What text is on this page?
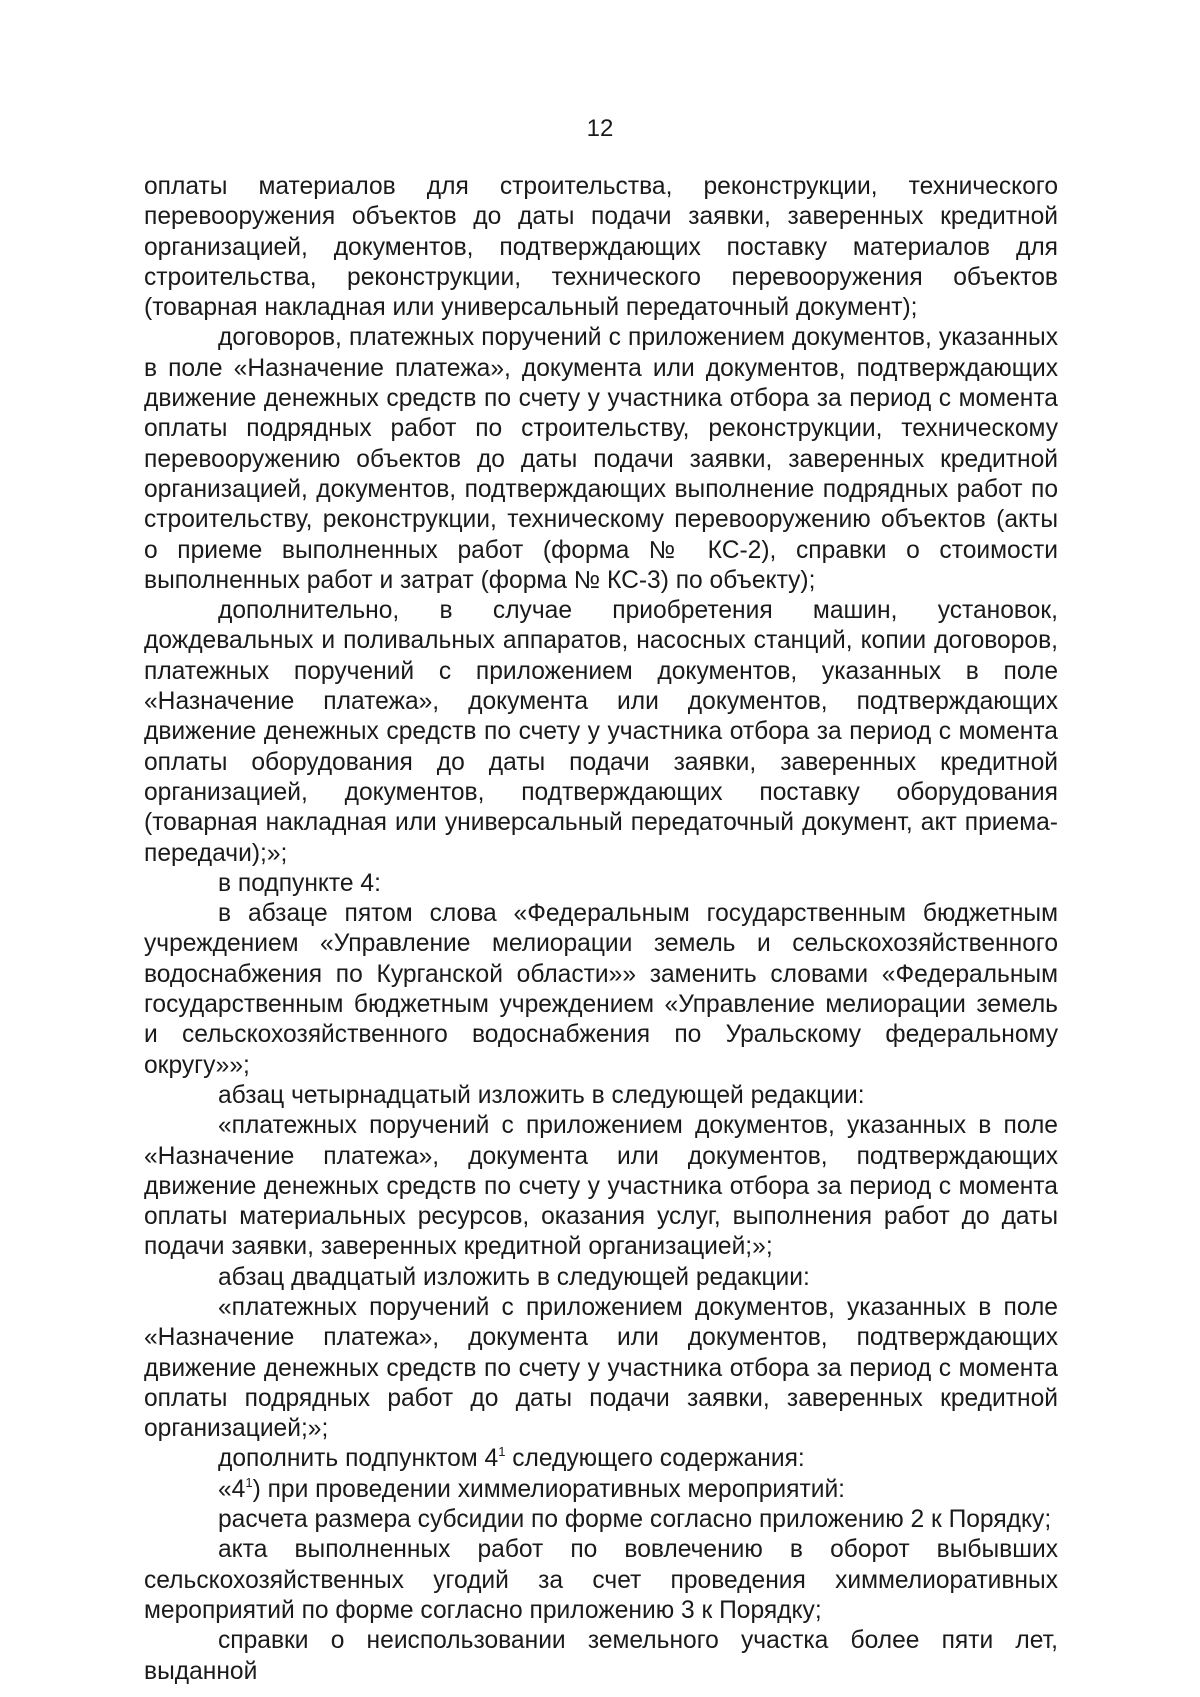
12

оплаты материалов для строительства, реконструкции, технического перевооружения объектов до даты подачи заявки, заверенных кредитной организацией, документов, подтверждающих поставку материалов для строительства, реконструкции, технического перевооружения объектов (товарная накладная или универсальный передаточный документ);

договоров, платежных поручений с приложением документов, указанных в поле «Назначение платежа», документа или документов, подтверждающих движение денежных средств по счету у участника отбора за период с момента оплаты подрядных работ по строительству, реконструкции, техническому перевооружению объектов до даты подачи заявки, заверенных кредитной организацией, документов, подтверждающих выполнение подрядных работ по строительству, реконструкции, техническому перевооружению объектов (акты о приеме выполненных работ (форма № КС-2), справки о стоимости выполненных работ и затрат (форма № КС-3) по объекту);

дополнительно, в случае приобретения машин, установок, дождевальных и поливальных аппаратов, насосных станций, копии договоров, платежных поручений с приложением документов, указанных в поле «Назначение платежа», документа или документов, подтверждающих движение денежных средств по счету у участника отбора за период с момента оплаты оборудования до даты подачи заявки, заверенных кредитной организацией, документов, подтверждающих поставку оборудования (товарная накладная или универсальный передаточный документ, акт приема-передачи);»;

в подпункте 4:

в абзаце пятом слова «Федеральным государственным бюджетным учреждением «Управление мелиорации земель и сельскохозяйственного водоснабжения по Курганской области»» заменить словами «Федеральным государственным бюджетным учреждением «Управление мелиорации земель и сельскохозяйственного водоснабжения по Уральскому федеральному округу»»;

абзац четырнадцатый изложить в следующей редакции:

«платежных поручений с приложением документов, указанных в поле «Назначение платежа», документа или документов, подтверждающих движение денежных средств по счету у участника отбора за период с момента оплаты материальных ресурсов, оказания услуг, выполнения работ до даты подачи заявки, заверенных кредитной организацией;»;

абзац двадцатый изложить в следующей редакции:

«платежных поручений с приложением документов, указанных в поле «Назначение платежа», документа или документов, подтверждающих движение денежных средств по счету у участника отбора за период с момента оплаты подрядных работ до даты подачи заявки, заверенных кредитной организацией;»;

дополнить подпунктом $4^1$ следующего содержания:

«$4^1$) при проведении химмелиоративных мероприятий:

расчета размера субсидии по форме согласно приложению 2 к Порядку;

акта выполненных работ по вовлечению в оборот выбывших сельскохозяйственных угодий за счет проведения химмелиоративных мероприятий по форме согласно приложению 3 к Порядку;

справки о неиспользовании земельного участка более пяти лет, выданной
